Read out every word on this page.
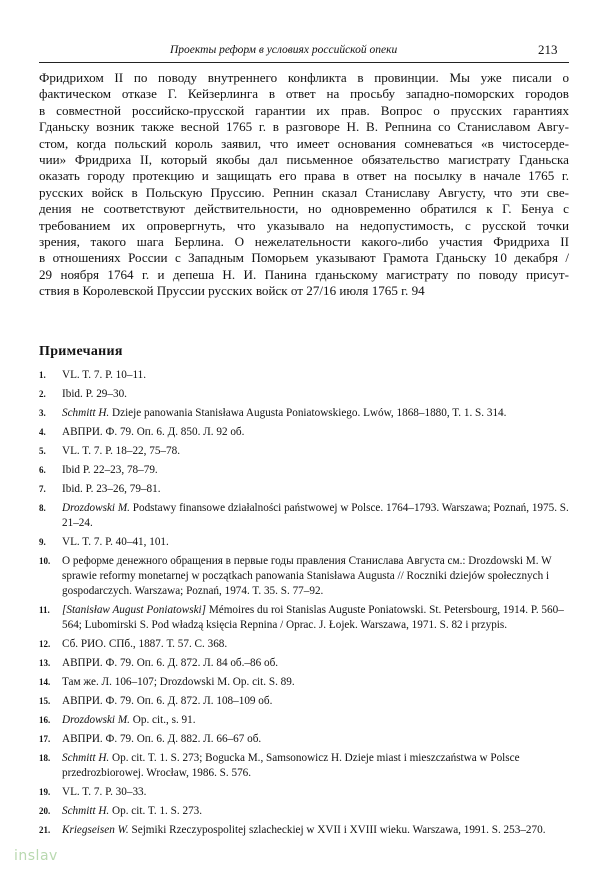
Проекты реформ в условиях российской опеки	213
Фридрихом II по поводу внутреннего конфликта в провинции. Мы уже писали о
фактическом отказе Г. Кейзерлинга в ответ на просьбу западно-поморских городов
в совместной российско-прусской гарантии их прав. Вопрос о прусских гарантиях
Гданьску возник также весной 1765 г. в разговоре Н. В. Репнина со Станиславом Авгу-
стом, когда польский король заявил, что имеет основания сомневаться «в чистосерде-
чии» Фридриха II, который якобы дал письменное обязательство магистрату Гданьска
оказать городу протекцию и защищать его права в ответ на посылку в начале 1765 г.
русских войск в Польскую Пруссию. Репнин сказал Станиславу Августу, что эти све-
дения не соответствуют действительности, но одновременно обратился к Г. Бенуа с
требованием их опровергнуть, что указывало на недопустимость, с русской точки
зрения, такого шага Берлина. О нежелательности какого-либо участия Фридриха II
в отношениях России с Западным Поморьем указывают Грамота Гданьску 10 декабря /
29 ноября 1764 г. и депеша Н. И. Панина гданьскому магистрату по поводу присут-
ствия в Королевской Пруссии русских войск от 27/16 июля 1765 г. 94
Примечания
1. VL. T. 7. P. 10–11.
2. Ibid. P. 29–30.
3. Schmitt H. Dzieje panowania Stanisława Augusta Poniatowskiego. Lwów, 1868–1880, T. 1. S. 314.
4. АВПРИ. Ф. 79. Оп. 6. Д. 850. Л. 92 об.
5. VL. T. 7. P. 18–22, 75–78.
6. Ibid P. 22–23, 78–79.
7. Ibid. P. 23–26, 79–81.
8. Drozdowski M. Podstawy finansowe działalności państwowej w Polsce. 1764–1793. Warszawa; Poznań, 1975. S. 21–24.
9. VL. T. 7. P. 40–41, 101.
10. О реформе денежного обращения в первые годы правления Станислава Августа см.: Drozdowski M. W sprawie reformy monetarnej w początkach panowania Stanisława Augusta // Roczniki dziejów społecznych i gospodarczych. Warszawa; Poznań, 1974. T. 35. S. 77–92.
11. [Stanisław August Poniatowski] Mémoires du roi Stanislas Auguste Poniatowski. St. Petersbourg, 1914. P. 560–564; Lubomirski S. Pod władzą księcia Repnina / Oprac. J. Łojek. Warszawa, 1971. S. 82 i przypis.
12. Сб. РИО. СПб., 1887. Т. 57. С. 368.
13. АВПРИ. Ф. 79. Оп. 6. Д. 872. Л. 84 об.–86 об.
14. Там же. Л. 106–107; Drozdowski M. Op. cit. S. 89.
15. АВПРИ. Ф. 79. Оп. 6. Д. 872. Л. 108–109 об.
16. Drozdowski M. Op. cit., s. 91.
17. АВПРИ. Ф. 79. Оп. 6. Д. 882. Л. 66–67 об.
18. Schmitt H. Op. cit. T. 1. S. 273; Bogucka M., Samsonowicz H. Dzieje miast i mieszczaństwa w Polsce przedrozbiorowej. Wrocław, 1986. S. 576.
19. VL. T. 7. P. 30–33.
20. Schmitt H. Op. cit. T. 1. S. 273.
21. Kriegseisen W. Sejmiki Rzeczypospolitej szlacheckiej w XVII i XVIII wieku. Warszawa, 1991. S. 253–270.
inslav
